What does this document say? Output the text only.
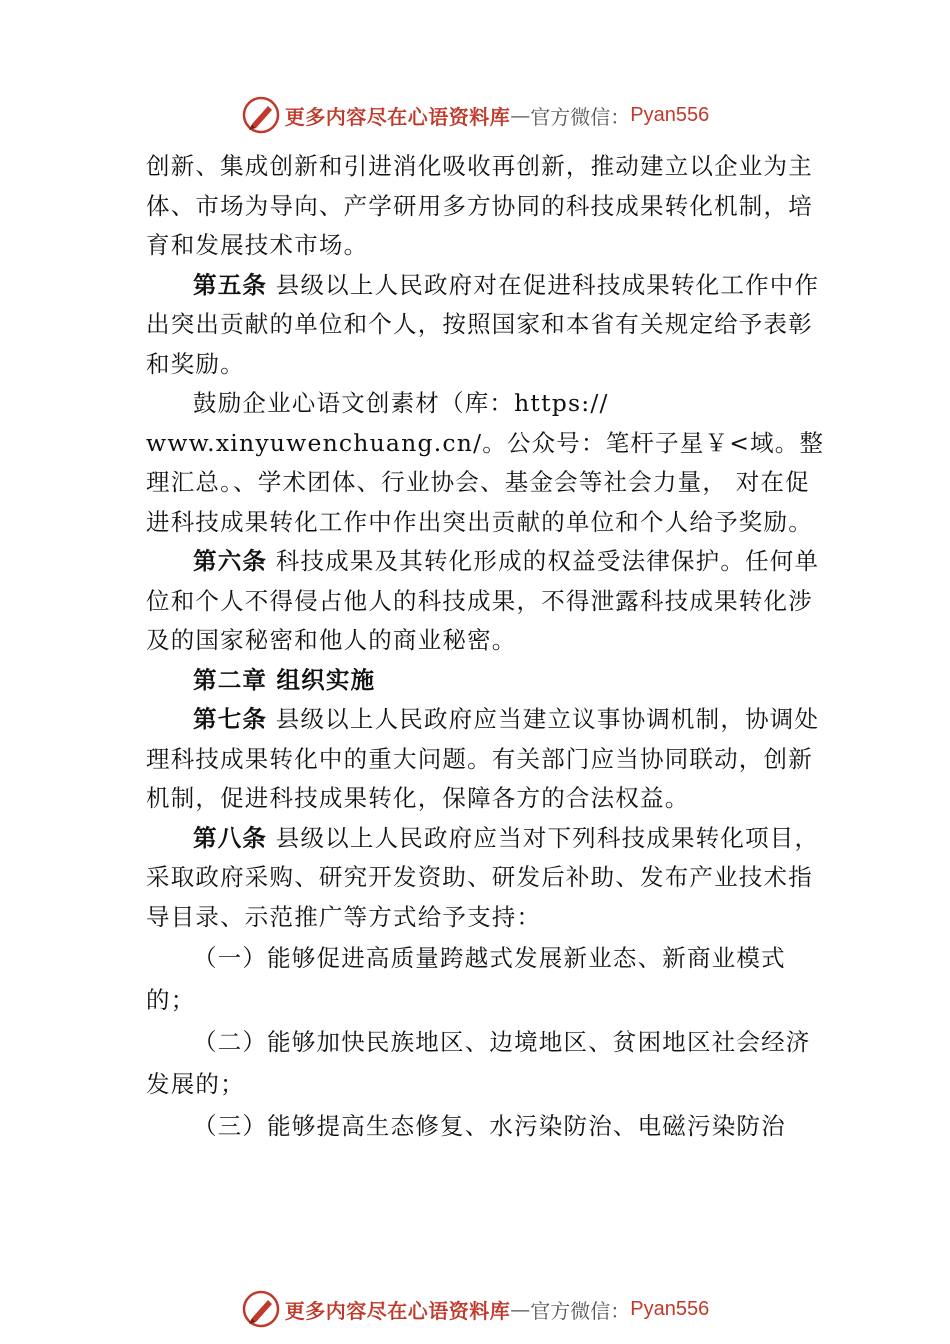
更多内容尽在心语资料库 — 官方微信： Pyan556

创新、集成创新和引进消化吸收再创新，推动建立以企业为主体、市场为导向、产学研用多方协同的科技成果转化机制，培育和发展技术市场。

第五条 县级以上人民政府对在促进科技成果转化工作中作出突出贡献的单位和个人，按照国家和本省有关规定给予表彰和奖励。

鼓励企业心语文创素材（库：https://

www.xinyuwenchuang.cn/。公众号：笔杆子星￥<域。整理汇总。、学术团体、行业协会、基金会等社会力量， 对在促进科技成果转化工作中作出突出贡献的单位和个人给予奖励。

第六条 科技成果及其转化形成的权益受法律保护。任何单位和个人不得侵占他人的科技成果，不得泄露科技成果转化涉及的国家秘密和他人的商业秘密。

第二章 组织实施

第七条 县级以上人民政府应当建立议事协调机制，协调处理科技成果转化中的重大问题。有关部门应当协同联动，创新机制，促进科技成果转化，保障各方的合法权益。

第八条 县级以上人民政府应当对下列科技成果转化项目，采取政府采购、研究开发资助、研发后补助、发布产业技术指导目录、示范推广等方式给予支持：

（一）能够促进高质量跨越式发展新业态、新商业模式的；

（二）能够加快民族地区、边境地区、贫困地区社会经济发展的；

（三）能够提高生态修复、水污染防治、电磁污染防治

更多内容尽在心语资料库 — 官方微信： Pyan556
